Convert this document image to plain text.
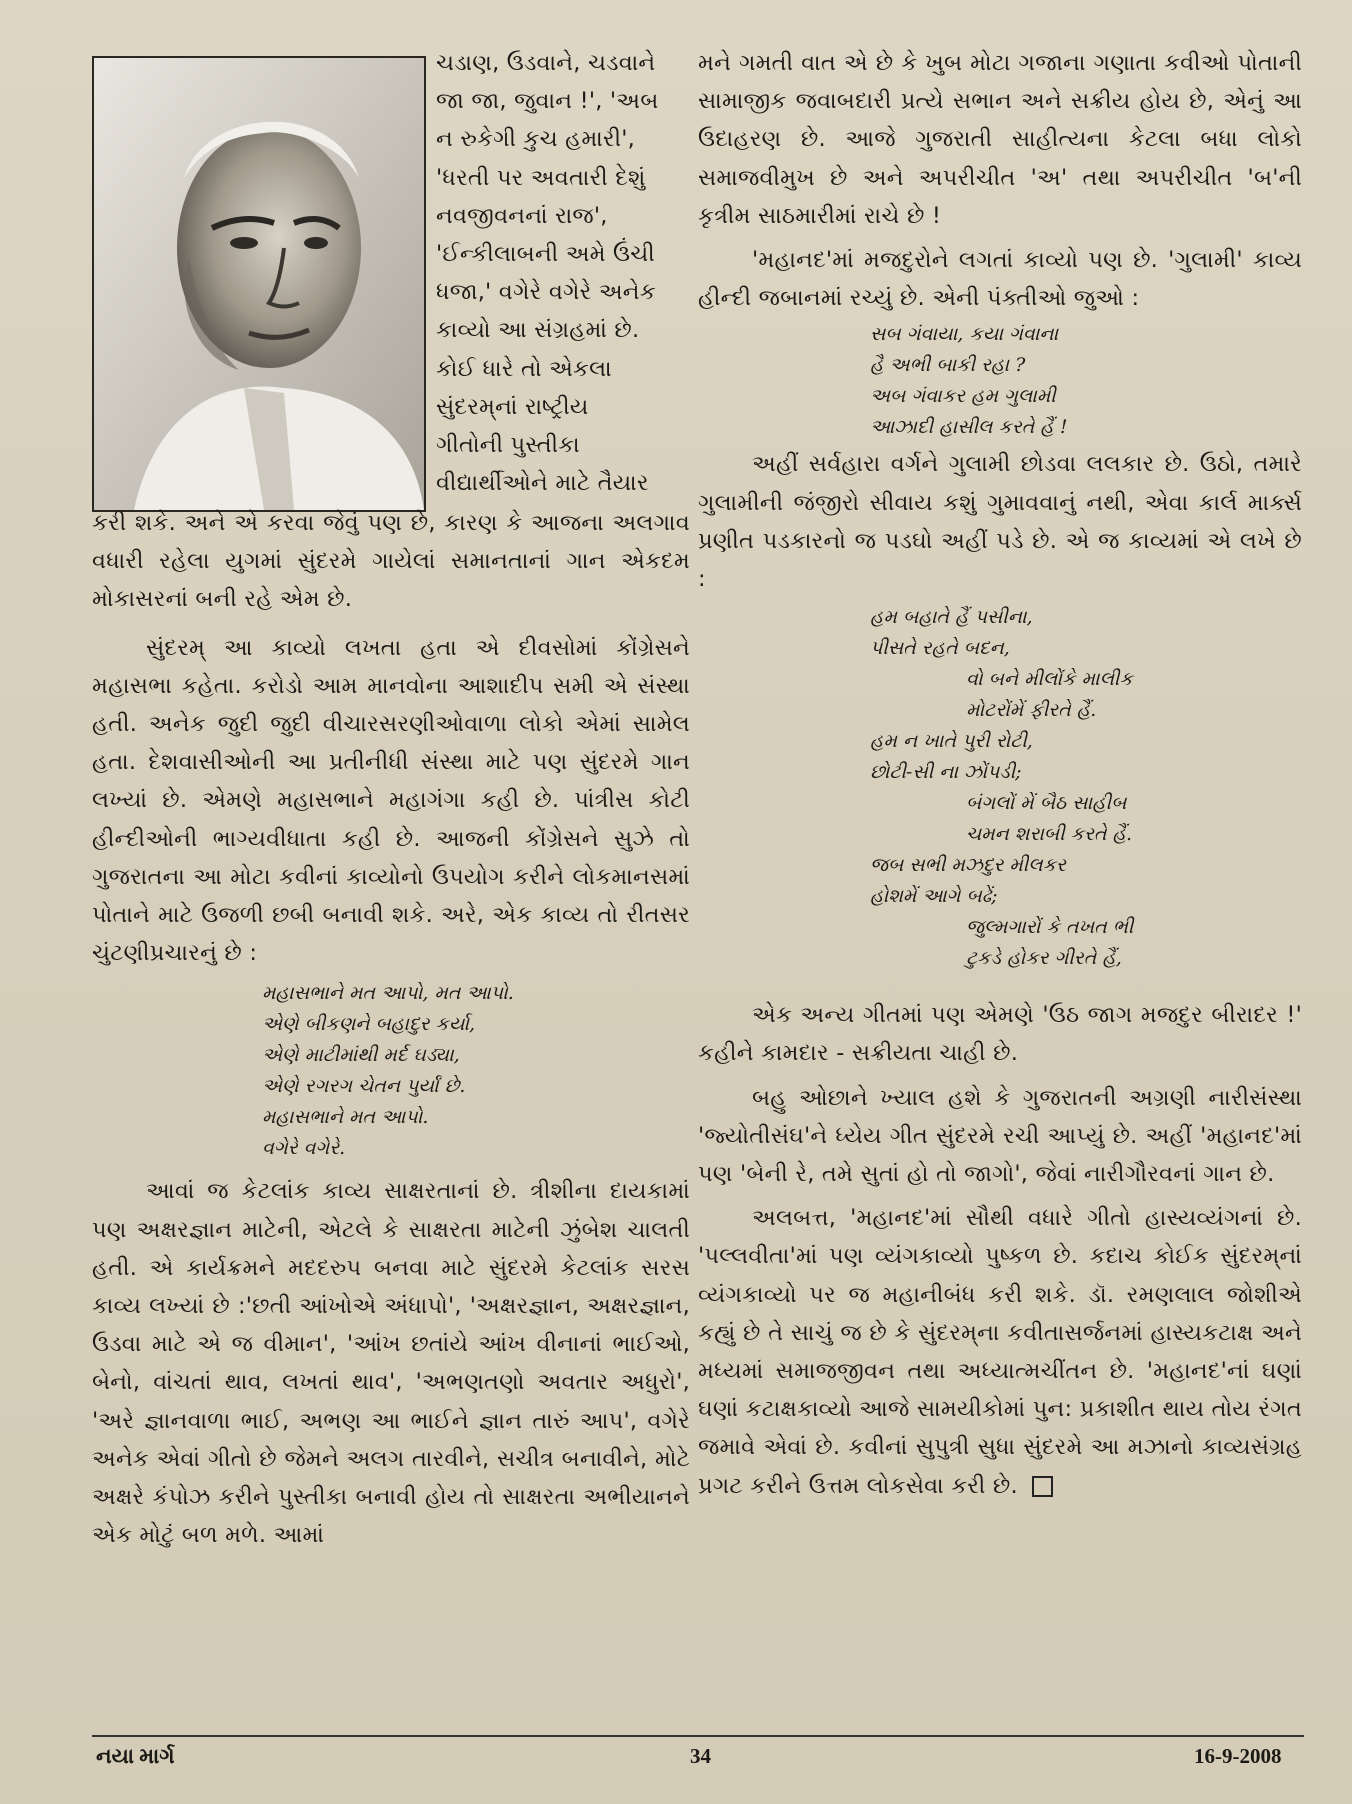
ચડાણ, ઉડવાને, ચડવાને
જા જા, જુવાન !', 'અબ
ન રુકેગી કુચ હમારી',
'ધરતી પર અવતારી દેશું
નવજીવનનાં રાજ',
'ઈન્કીલાબની અમે ઉંચી
ધજા,' વગેરે વગેરે અનેક
કાવ્યો આ સંગ્રહમાં છે.
કોઈ ધારે તો એકલા
સુંદરમ્‌નાં રાષ્ટ્રીય
ગીતોની પુસ્તીકા
વીદ્યાર્થીઓને માટે તૈયાર

કરી શકે. અને એ કરવા જેવું પણ છે, કારણ કે આજના અલગાવ વધારી રહેલા યુગમાં સુંદરમે ગાયેલાં સમાનતાનાં ગાન એકદમ મોકાસરનાં બની રહે એમ છે.

સુંદરમ્ આ કાવ્યો લખતા હતા એ દીવસોમાં કોંગ્રેસને મહાસભા કહેતા. કરોડો આમ માનવોના આશાદીપ સમી એ સંસ્થા હતી. અનેક જુદી જુદી વીચારસરણીઓવાળા લોકો એમાં સામેલ હતા. દેશવાસીઓની આ પ્રતીનીધી સંસ્થા માટે પણ સુંદરમે ગાન લખ્યાં છે. એમણે મહાસભાને મહાગંગા કહી છે. પાંત્રીસ કોટી હીન્દીઓની ભાગ્યવીધાતા કહી છે. આજની કોંગ્રેસને સુઝે તો ગુજરાતના આ મોટા કવીનાં કાવ્યોનો ઉપયોગ કરીને લોકમાનસમાં પોતાને માટે ઉજળી છબી બનાવી શકે. અરે, એક કાવ્ય તો રીતસર ચુંટણીપ્રચારનું છે :

મહાસભાને મત આપો, મત આપો.
એણે બીકણને બહાદુર કર્યા,
એણે માટીમાંથી મર્દ ઘડ્યા,
એણે રગરગ ચેતન પુર્યાં છે.
મહાસભાને મત આપો.
વગેરે વગેરે.

આવાં જ કેટલાંક કાવ્ય સાક્ષરતાનાં છે. ત્રીશીના દાયકામાં પણ અક્ષરજ્ઞાન માટેની, એટલે કે સાક્ષરતા માટેની ઝુંબેશ ચાલતી હતી. એ કાર્યક્રમને મદદરુપ બનવા માટે સુંદરમે કેટલાંક સરસ કાવ્ય લખ્યાં છે :'છતી આંખોએ અંધાપો', 'અક્ષરજ્ઞાન, અક્ષરજ્ઞાન, ઉડવા માટે એ જ વીમાન', 'આંખ છતાંયે આંખ વીનાનાં ભાઈઓ, બેનો, વાંચતાં થાવ, લખતાં થાવ', 'અભણતણો અવતાર અધુરો', 'અરે જ્ઞાનવાળા ભાઈ, અભણ આ ભાઈને જ્ઞાન તારું આપ', વગેરે અનેક એવાં ગીતો છે જેમને અલગ તારવીને, સચીત્ર બનાવીને, મોટે અક્ષરે કંપોઝ કરીને પુસ્તીકા બનાવી હોય તો સાક્ષરતા અભીયાનને એક મોટું બળ મળે. આમાં

મને ગમતી વાત એ છે કે ખુબ મોટા ગજાના ગણાતા કવીઓ પોતાની સામાજીક જવાબદારી પ્રત્યે સભાન અને સક્રીય હોય છે, એનું આ ઉદાહરણ છે. આજે ગુજરાતી સાહીત્યના કેટલા બધા લોકો સમાજવીમુખ છે અને અપરીચીત 'અ' તથા અપરીચીત 'બ'ની કૃત્રીમ સાઠમારીમાં રાચે છે !

'મહાનદ'માં મજદુરોને લગતાં કાવ્યો પણ છે. 'ગુલામી' કાવ્ય હીન્દી જબાનમાં રચ્યું છે. એની પંક્તીઓ જુઓ :

સબ ગંવાયા, કયા ગંવાના
હૈ અભી બાકી રહા ?
અબ ગંવાકર હમ ગુલામી
આઝાદી હાસીલ કરતે હૈં !

અહીં સર્વહારા વર્ગને ગુલામી છોડવા લલકાર છે. ઉઠો, તમારે ગુલામીની જંજીરો સીવાય કશું ગુમાવવાનું નથી, એવા કાર્લ માર્ક્સ પ્રણીત પડકારનો જ પડઘો અહીં પડે છે. એ જ કાવ્યમાં એ લખે છે :

હમ બહાતે હૈં પસીના,
પીસતે રહતે બદન,
વો બને મીલોંકે માલીક
મોટરોંમેં ફીરતે હૈં.
હમ ન ખાતે પુરી રોટી,
છોટી-સી ના ઝોંપડી;
બંગલોં મેં બૈઠ સાહીબ
ચમન શરાબી કરતે હૈં.
જબ સભી મઝદુર મીલકર
હોશમેં આગે બઢેં;
જુલ્મગારોં કે તખત ભી
ટુકડે હોકર ગીરતે હૈં,

એક અન્ય ગીતમાં પણ એમણે 'ઉઠ જાગ મજદુર બીરાદર !' કહીને કામદાર - સક્રીયતા ચાહી છે.

બહુ ઓછાને ખ્યાલ હશે કે ગુજરાતની અગ્રણી નારીસંસ્થા 'જ્યોતીસંઘ'ને ધ્યેય ગીત સુંદરમે રચી આપ્યું છે. અહીં 'મહાનદ'માં પણ 'બેની રે, તમે સુતાં હો તો જાગો', જેવાં નારીગૌરવનાં ગાન છે.

અલબત્ત, 'મહાનદ'માં સૌથી વધારે ગીતો હાસ્યવ્યંગનાં છે. 'પલ્લવીતા'માં પણ વ્યંગકાવ્યો પુષ્કળ છે. કદાચ કોઈક સુંદરમ્‌નાં વ્યંગકાવ્યો પર જ મહાનીબંધ કરી શકે. ડૉ. રમણલાલ જોશીએ કહ્યું છે તે સાચું જ છે કે સુંદરમ્‌ના કવીતાસર્જનમાં હાસ્યકટાક્ષ અને મધ્યમાં સમાજજીવન તથા અધ્યાત્મચીંતન છે. 'મહાનદ'નાં ઘણાં ઘણાં કટાક્ષકાવ્યો આજે સામયીકોમાં પુન: પ્રકાશીત થાય તોય રંગત જમાવે એવાં છે. કવીનાં સુપુત્રી સુધા સુંદરમે આ મઝાનો કાવ્યસંગ્રહ પ્રગટ કરીને ઉત્તમ લોકસેવા કરી છે.

નયા માર્ગ	34	16-9-2008
